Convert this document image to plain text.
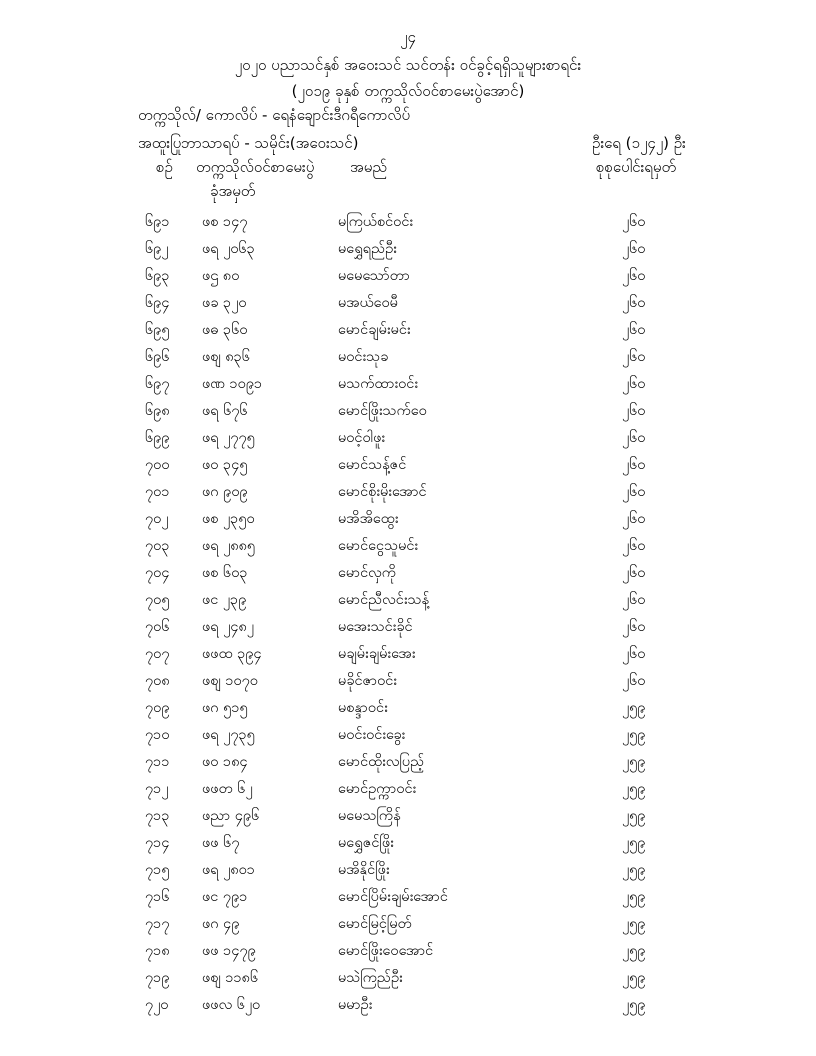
၂၄
၂၀၂၀ ပညာသင်နှစ် အဝေးသင် သင်တန်း ဝင်ခွင့်ရရှိသူများစာရင်း
(၂၀၁၉ ခုနှစ် တက္ကသိုလ်ဝင်စာမေးပွဲအောင်)
တက္ကသိုလ်/ ကောလိပ် - ရေနံချောင်းဒီဂရီကောလိပ်
အထူးပြုဘာသာရပ် - သမိုင်း(အဝေးသင်)	ဦးရေ (၁၂၄၂) ဦး
စဉ် တက္ကသိုလ်ဝင်စာမေးပွဲ
ခုံအမှတ်
အမည်	စုစုပေါင်းရမှတ်
၆၉၁ ဖစ ၁၄၇	မကြယ်စင်ဝင်း	၂၆၀
၆၉၂ ဖရ ၂၀၆၃	မရွှေရည်ဦး	၂၆၀
၆၉၃ ဖဌ ၈၀	မမေသော်တာ	၂၆၀
၆၉၄ ဖခ ၃၂၀	မအယ်ဝေမီ	၂၆၀
၆၉၅ ဖဓ ၃၆၀	မောင်ချမ်းမင်း	၂၆၀
၆၉၆ ဖစျ ၈၃၆	မဝင်းသုခ	၂၆၀
၆၉၇ ဖဏ ၁၀၉၁	မသက်ထားဝင်း	၂၆၀
၆၉၈ ဖရ ၆၇၆	မောင်ဖြိုးသက်ဝေ	၂၆၀
၆၉၉ ဖရ ၂၇၇၅	မဝင့်ဝါဖူး	၂၆၀
၇၀၀ ဖဝ ၃၄၅	မောင်သန့်ဇင်	၂၆၀
၇၀၁ ဖဂ ၉၀၉	မောင်စိုးမိုးအောင်	၂၆၀
၇၀၂ ဖစ ၂၃၅၀	မအိအိထွေး	၂၆၀
၇၀၃ ဖရ ၂၈၈၅	မောင်ငွေသူမင်း	၂၆၀
၇၀၄ ဖစ ၆၀၃	မောင်လှကို	၂၆၀
၇၀၅ ဖင ၂၃၉	မောင်ညီလင်းသန့်	၂၆၀
၇၀၆ ဖရ ၂၄၈၂	မအေးသင်းခိုင်	၂၆၀
၇၀၇ ဖဖထ ၃၉၄	မချမ်းချမ်းအေး	၂၆၀
၇၀၈ ဖစျ ၁၀၇၀	မခိုင်ဇာဝင်း	၂၆၀
၇၀၉ ဖဂ ၅၁၅	မစန္ဒာဝင်း	၂၅၉
၇၁၀ ဖရ ၂၇၃၅	မဝင်းဝင်းခွေး	၂၅၉
၇၁၁ ဖဝ ၁၈၄	မောင်ထိုးလပြည့်	၂၅၉
၇၁၂ ဖဖတ ၆၂	မောင်ဥက္ကာဝင်း	၂၅၉
၇၁၃ ဖညာ ၄၉၆	မမေသကြိန်	၂၅၉
၇၁၄ ဖဖ ၆၇	မရွှေဇင်ဖြိုး	၂၅၉
၇၁၅ ဖရ ၂၈၀၁	မအိနိုင်ဖြိုး	၂၅၉
၇၁၆ ဖင ၇၉၁	မောင်ပြိမ်းချမ်းအောင်	၂၅၉
၇၁၇ ဖဂ ၄၉	မောင်မြင့်မြတ်	၂၅၉
၇၁၈ ဖဖ ၁၄၇၉	မောင်ဖြိုးဝေအောင်	၂၅၉
၇၁၉ ဖစျ ၁၁၈၆	မသဲကြည်ဦး	၂၅၉
၇၂၀ ဖဖလ ၆၂၀	မမာဦး	၂၅၉
